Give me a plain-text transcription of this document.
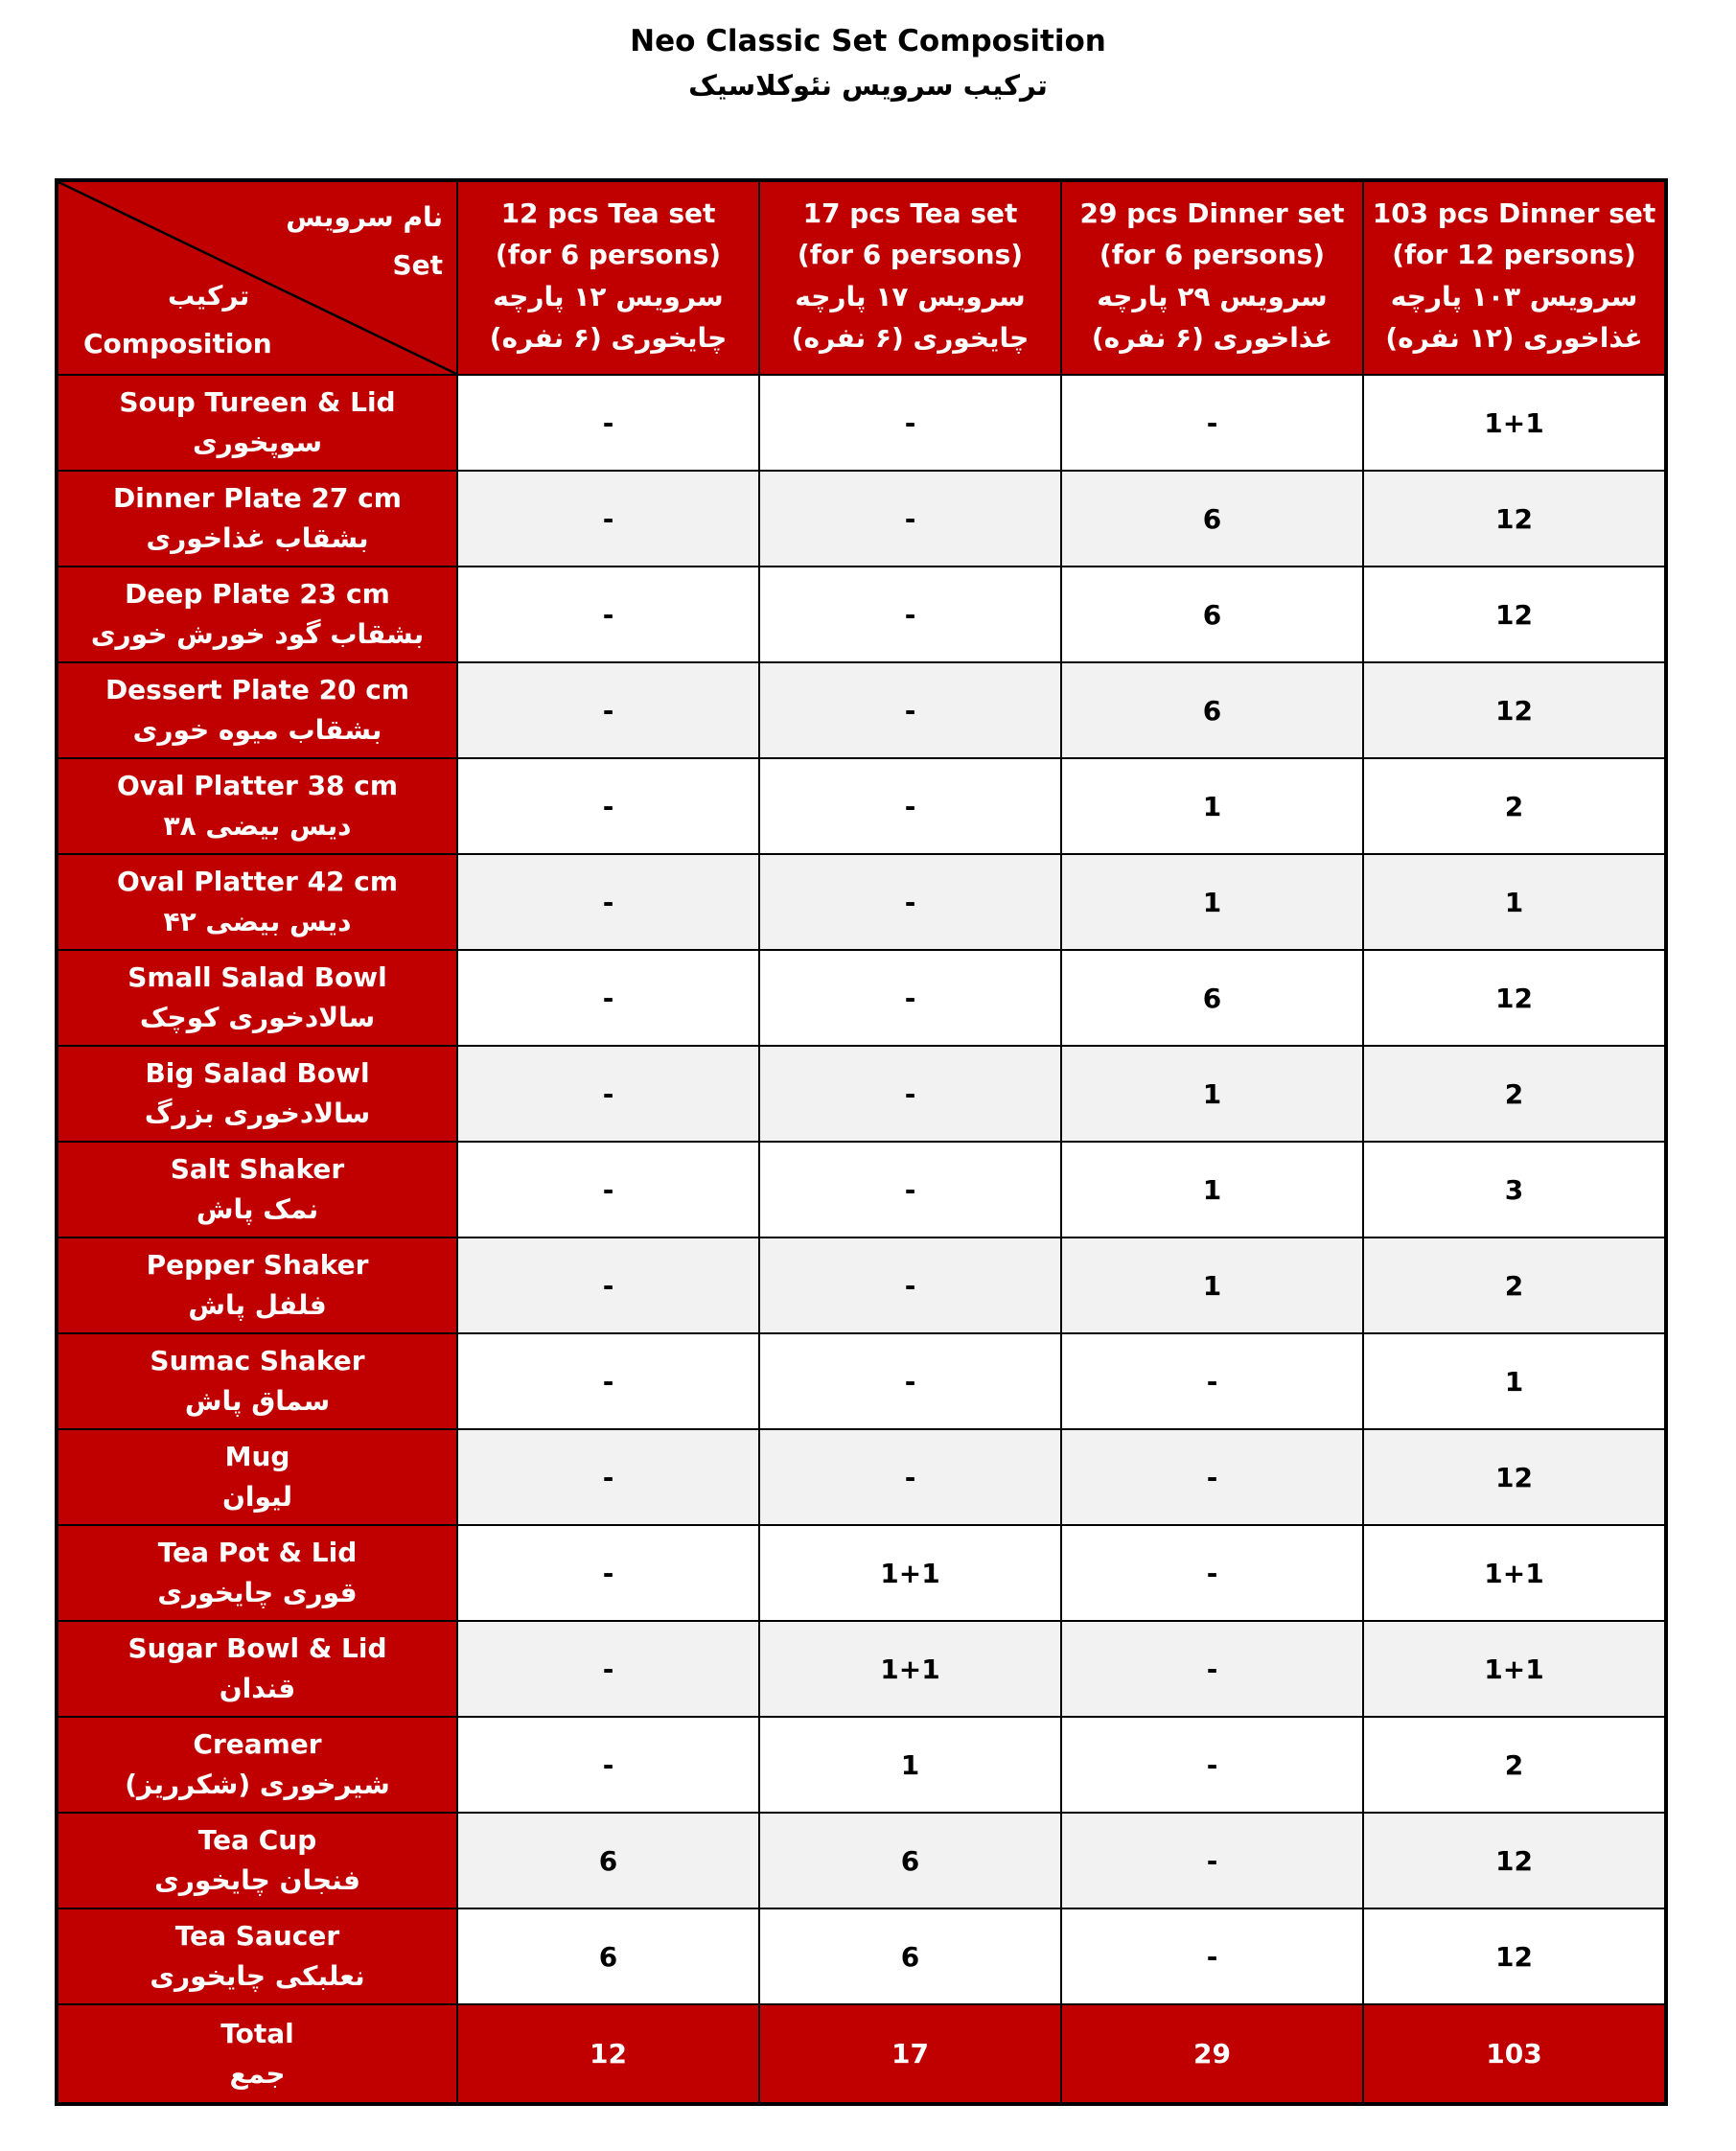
Neo Classic Set Composition
ترکیب سرویس نئوکلاسیک
نام سرویس
Set
ترکیب
Composition

12 pcs Tea set
(for 6 persons)
سرویس ۱۲ پارچه
چایخوری (۶ نفره)

17 pcs Tea set
(for 6 persons)
سرویس ۱۷ پارچه
چایخوری (۶ نفره)

29 pcs Dinner set
(for 6 persons)
سرویس ۲۹ پارچه
غذاخوری (۶ نفره)

103 pcs Dinner set
(for 12 persons)
سرویس ۱۰۳ پارچه
غذاخوری (۱۲ نفره)

Soup Tureen & Lid
سوپخوری	-	-	-	1+1

Dinner Plate 27 cm
بشقاب غذاخوری	-	-	6	12

Deep Plate 23 cm
بشقاب گود خورش خوری	-	-	6	12

Dessert Plate 20 cm
بشقاب میوه خوری	-	-	6	12

Oval Platter 38 cm
دیس بیضی ۳۸	-	-	1	2

Oval Platter 42 cm
دیس بیضی ۴۲	-	-	1	1

Small Salad Bowl
سالادخوری کوچک	-	-	6	12

Big Salad Bowl
سالادخوری بزرگ	-	-	1	2

Salt Shaker
نمک پاش	-	-	1	3

Pepper Shaker
فلفل پاش	-	-	1	2

Sumac Shaker
سماق پاش	-	-	-	1

Mug
لیوان	-	-	-	12

Tea Pot & Lid
قوری چایخوری	-	1+1	-	1+1

Sugar Bowl & Lid
قندان	-	1+1	-	1+1

Creamer
شیرخوری (شکرریز)	-	1	-	2

Tea Cup
فنجان چایخوری	6	6	-	12

Tea Saucer
نعلبکی چایخوری	6	6	-	12

Total
جمع	12	17	29	103
